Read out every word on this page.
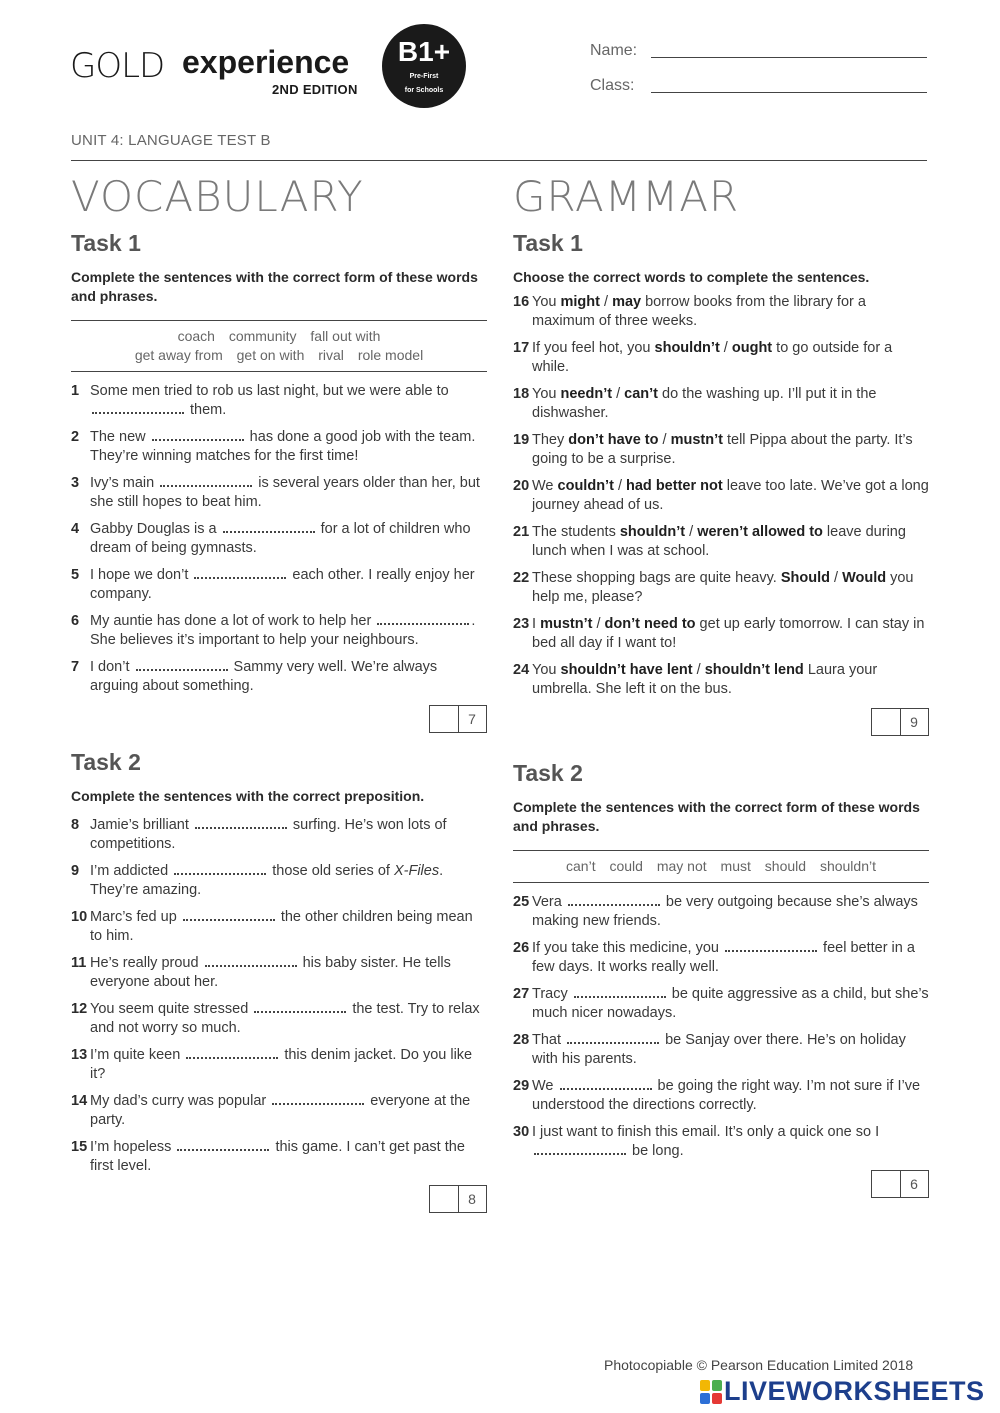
GOLD experience
2ND EDITION
B1+
Pre-First
for Schools
Name:
Class:
UNIT 4: LANGUAGE TEST B
VOCABULARY
Task 1
Complete the sentences with the correct form of these words and phrases.
coach community fall out with
get away from get on with rival role model
1 Some men tried to rob us last night, but we were able to  them.
2 The new	has done a good job with the team. They’re winning matches for the first time!
3 Ivy’s main	is several years older than her, but she still hopes to beat him.
4 Gabby Douglas is a	for a lot of children who dream of being gymnasts.
5 I hope we don’t	each other. I really enjoy her company.
6 My auntie has done a lot of work to help her	. She believes it’s important to help your neighbours.
7 I don’t	Sammy very well. We’re always arguing about something.
7
Task 2
Complete the sentences with the correct preposition.
8 Jamie’s brilliant	surfing. He’s won lots of competitions.
9 I’m addicted	those old series of X-Files. They’re amazing.
10 Marc’s fed up	the other children being mean to him.
11 He’s really proud	his baby sister. He tells everyone about her.
12 You seem quite stressed	the test. Try to relax and not worry so much.
13 I’m quite keen	this denim jacket. Do you like it?
14 My dad’s curry was popular	everyone at the party.
15 I’m hopeless	this game. I can’t get past the first level.
8
GRAMMAR
Task 1
Choose the correct words to complete the sentences.
16 You might / may borrow books from the library for a maximum of three weeks.
17 If you feel hot, you shouldn’t / ought to go outside for a while.
18 You needn’t / can’t do the washing up. I’ll put it in the dishwasher.
19 They don’t have to / mustn’t tell Pippa about the party. It’s going to be a surprise.
20 We couldn’t / had better not leave too late. We’ve got a long journey ahead of us.
21 The students shouldn’t / weren’t allowed to leave during lunch when I was at school.
22 These shopping bags are quite heavy. Should / Would you help me, please?
23 I mustn’t / don’t need to get up early tomorrow. I can stay in bed all day if I want to!
24 You shouldn’t have lent / shouldn’t lend Laura your umbrella. She left it on the bus.
9
Task 2
Complete the sentences with the correct form of these words and phrases.
can’t could may not must should shouldn’t
25 Vera	be very outgoing because she’s always making new friends.
26 If you take this medicine, you	feel better in a few days. It works really well.
27 Tracy	be quite aggressive as a child, but she’s much nicer nowadays.
28 That	be Sanjay over there. He’s on holiday with his parents.
29 We	be going the right way. I’m not sure if I’ve understood the directions correctly.
30 I just want to finish this email. It’s only a quick one so I  be long.
6
Photocopiable © Pearson Education Limited 2018
LIVEWORKSHEETS
